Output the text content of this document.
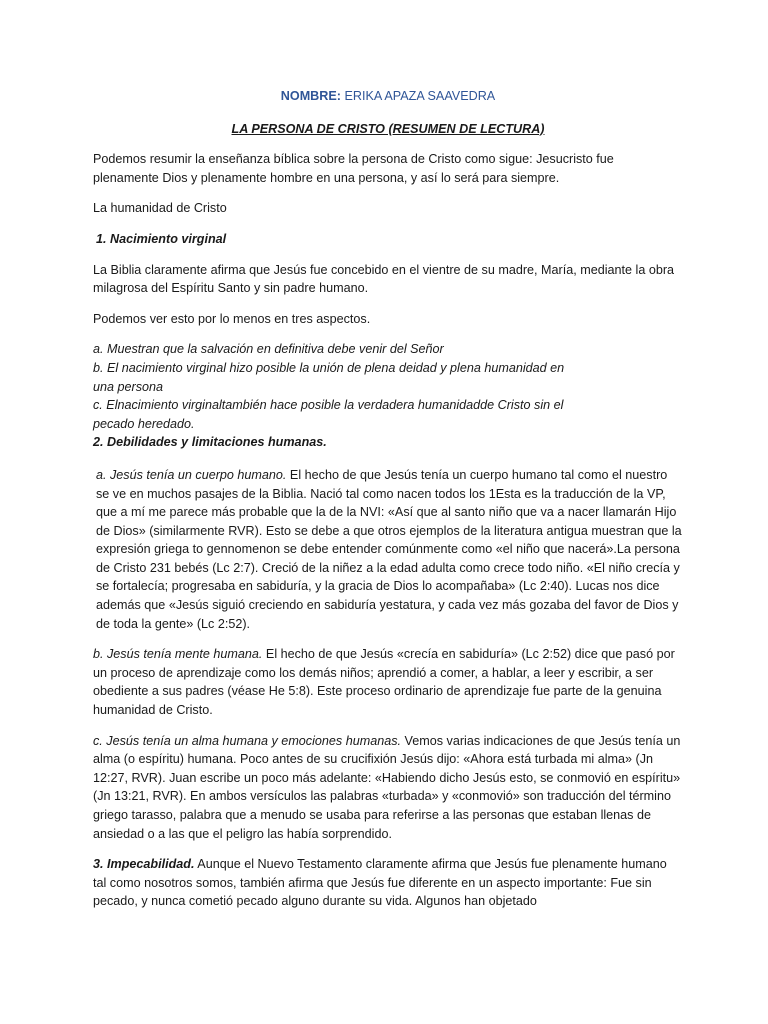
NOMBRE: ERIKA APAZA SAAVEDRA
LA PERSONA DE CRISTO (RESUMEN DE LECTURA)

Podemos resumir la enseñanza bíblica sobre la persona de Cristo como sigue: Jesucristo fue plenamente Dios y plenamente hombre en una persona, y así lo será para siempre.

La humanidad de Cristo

1. Nacimiento virginal

La Biblia claramente afirma que Jesús fue concebido en el vientre de su madre, María, mediante la obra milagrosa del Espíritu Santo y sin padre humano.

Podemos ver esto por lo menos en tres aspectos.

a. Muestran que la salvación en definitiva debe venir del Señor
b. El nacimiento virginal hizo posible la unión de plena deidad y plena humanidad en una persona
c. Elnacimiento virginaltambién hace posible la verdadera humanidaddе Cristo sin el pecado heredado.

2. Debilidades y limitaciones humanas.

a. Jesús tenía un cuerpo humano. El hecho de que Jesús tenía un cuerpo humano tal como el nuestro se ve en muchos pasajes de la Biblia. Nació tal como nacen todos los 1Esta es la traducción de la VP, que a mí me parece más probable que la de la NVI: «Así que al santo niño que va a nacer llamarán Hijo de Dios» (similarmente RVR). Esto se debe a que otros ejemplos de la literatura antigua muestran que la expresión griega to gennomenon se debe entender comúnmente como «el niño que nacerá».La persona de Cristo 231 bebés (Lc 2:7). Creció de la niñez a la edad adulta como crece todo niño. «El niño crecía y se fortalecía; progresaba en sabiduría, y la gracia de Dios lo acompañaba» (Lc 2:40). Lucas nos dice además que «Jesús siguió creciendo en sabiduría yestatura, y cada vez más gozaba del favor de Dios y de toda la gente» (Lc 2:52).

b. Jesús tenía mente humana. El hecho de que Jesús «crecía en sabiduría» (Lc 2:52) dice que pasó por un proceso de aprendizaje como los demás niños; aprendió a comer, a hablar, a leer y escribir, a ser obediente a sus padres (véase He 5:8). Este proceso ordinario de aprendizaje fue parte de la genuina humanidad de Cristo.

c. Jesús tenía un alma humana y emociones humanas. Vemos varias indicaciones de que Jesús tenía un alma (o espíritu) humana. Poco antes de su crucifixión Jesús dijo: «Ahora está turbada mi alma» (Jn 12:27, RVR). Juan escribe un poco más adelante: «Habiendo dicho Jesús esto, se conmovió en espíritu» (Jn 13:21, RVR). En ambos versículos las palabras «turbada» y «conmovió» son traducción del término griego tarasso, palabra que a menudo se usaba para referirse a las personas que estaban llenas de ansiedad o a las que el peligro las había sorprendido.

3. Impecabilidad. Aunque el Nuevo Testamento claramente afirma que Jesús fue plenamente humano tal como nosotros somos, también afirma que Jesús fue diferente en un aspecto importante: Fue sin pecado, y nunca cometió pecado alguno durante su vida. Algunos han objetado
